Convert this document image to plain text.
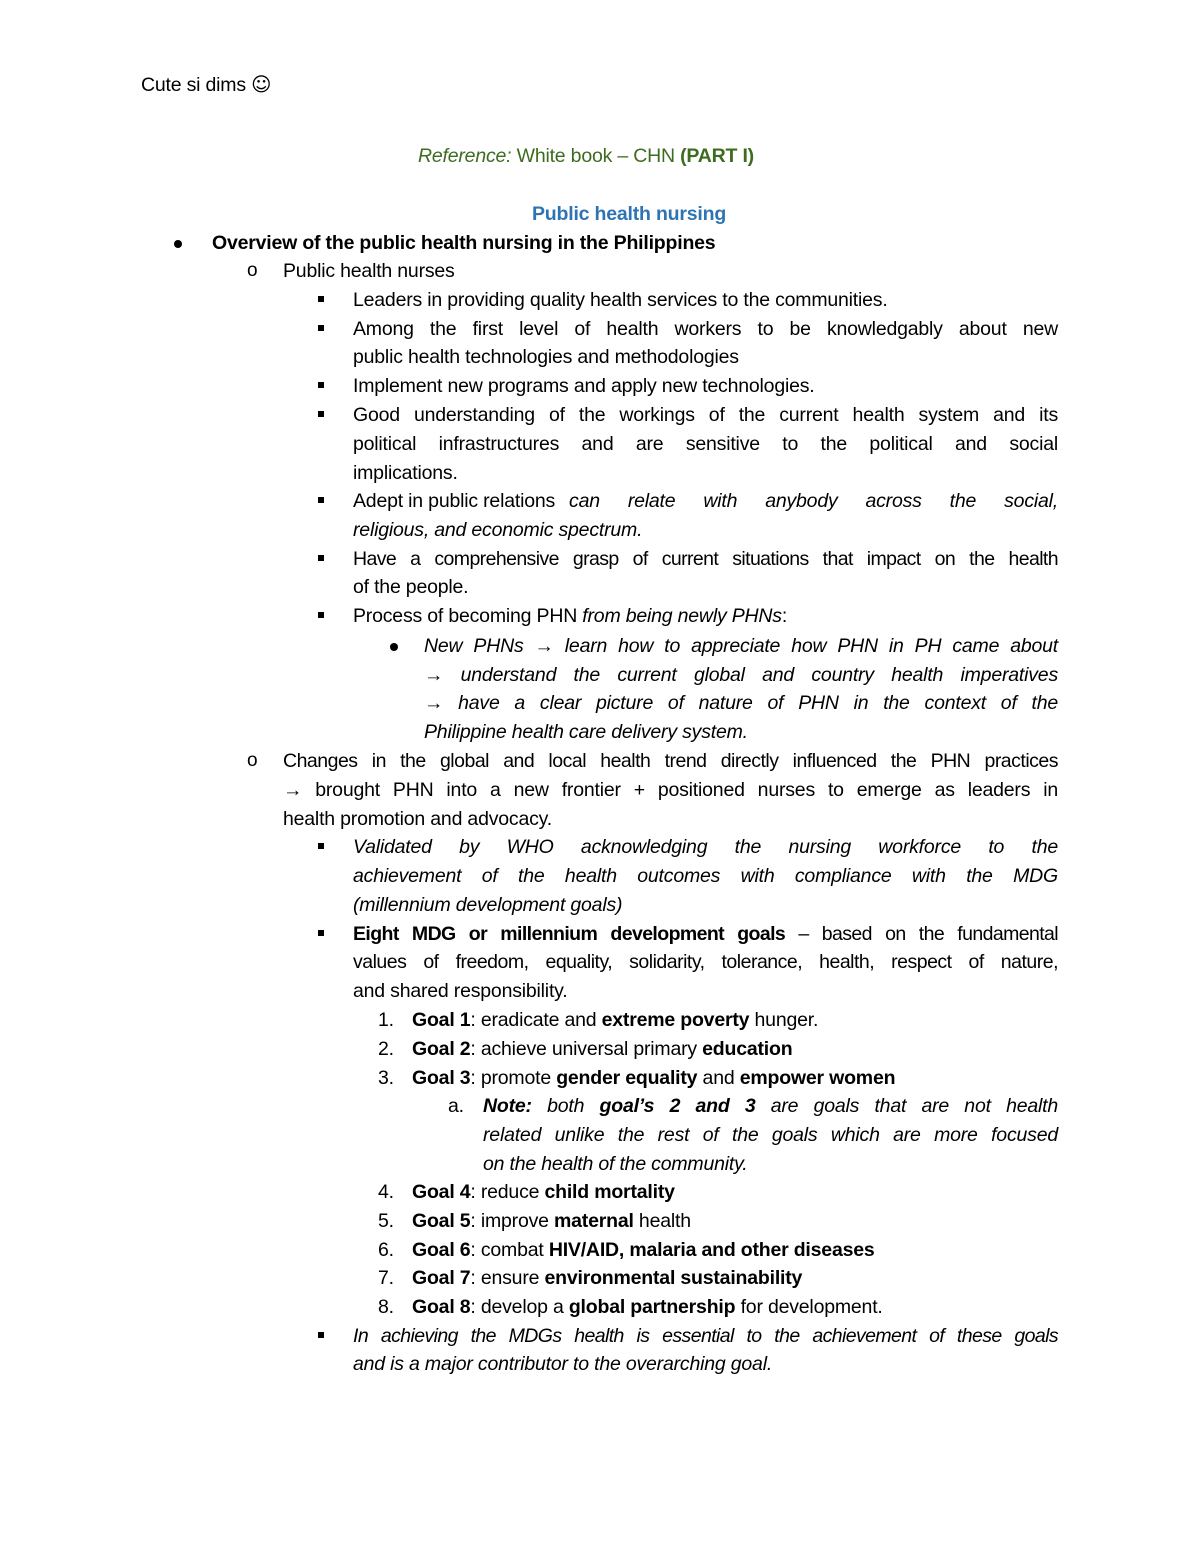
Cute si dims ☺
Reference: White book – CHN (PART I)
Public health nursing
Overview of the public health nursing in the Philippines
o Public health nurses
Leaders in providing quality health services to the communities.
Among the first level of health workers to be knowledgably about new
public health technologies and methodologies
Implement new programs and apply new technologies.
Good understanding of the workings of the current health system and its
political infrastructures and are sensitive to the political and social
implications.
Adept in public relations can relate with anybody across the social,
religious, and economic spectrum.
Have a comprehensive grasp of current situations that impact on the health
of the people.
Process of becoming PHN from being newly PHNs:
New PHNs → learn how to appreciate how PHN in PH came about
→ understand the current global and country health imperatives
→ have a clear picture of nature of PHN in the context of the
Philippine health care delivery system.
o Changes in the global and local health trend directly influenced the PHN practices
→ brought PHN into a new frontier + positioned nurses to emerge as leaders in
health promotion and advocacy.
Validated by WHO acknowledging the nursing workforce to the
achievement of the health outcomes with compliance with the MDG
(millennium development goals)
Eight MDG or millennium development goals – based on the fundamental
values of freedom, equality, solidarity, tolerance, health, respect of nature,
and shared responsibility.
1. Goal 1: eradicate and extreme poverty hunger.
2. Goal 2: achieve universal primary education
3. Goal 3: promote gender equality and empower women
a. Note: both goal’s 2 and 3 are goals that are not health
related unlike the rest of the goals which are more focused
on the health of the community.
4. Goal 4: reduce child mortality
5. Goal 5: improve maternal health
6. Goal 6: combat HIV/AID, malaria and other diseases
7. Goal 7: ensure environmental sustainability
8. Goal 8: develop a global partnership for development.
In achieving the MDGs health is essential to the achievement of these goals
and is a major contributor to the overarching goal.
